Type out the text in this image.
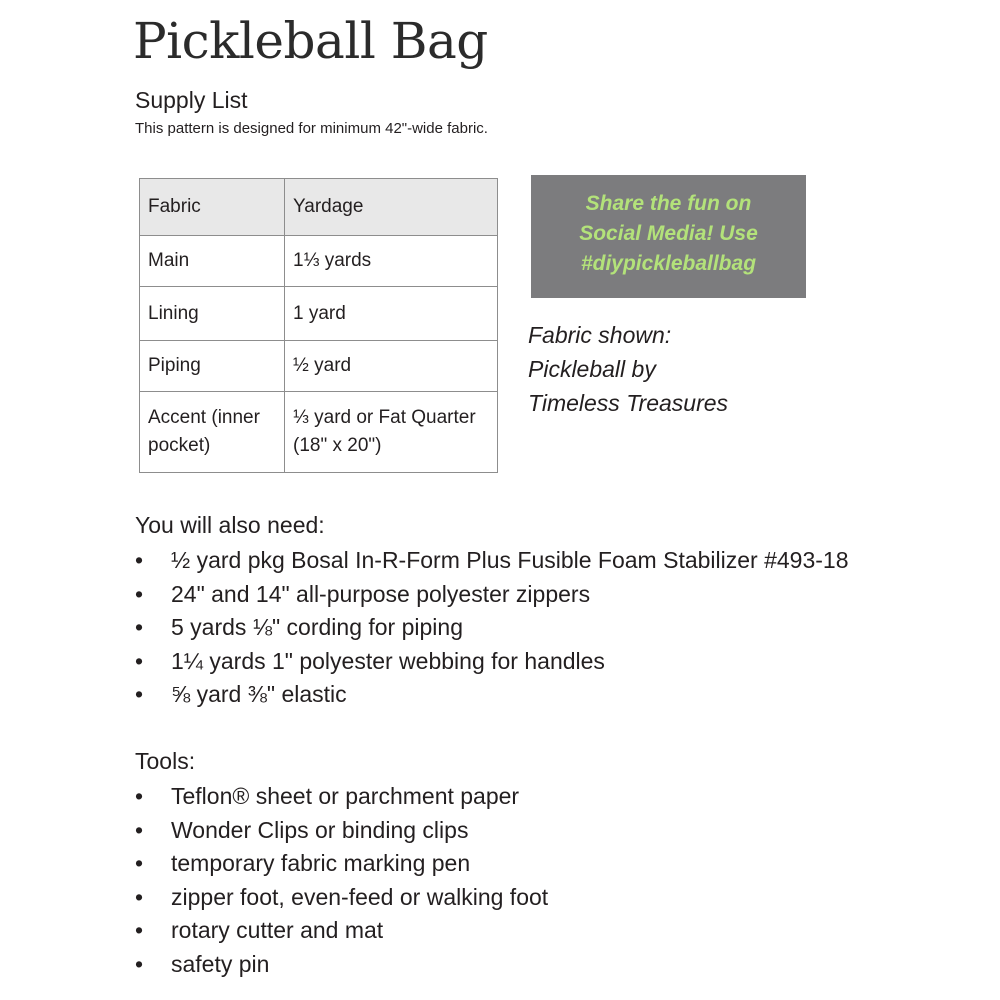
Pickleball Bag

Supply List

This pattern is designed for minimum 42"-wide fabric.

Fabric	Yardage
Main	1⅓ yards
Lining	1 yard
Piping	½ yard
Accent (inner pocket)	⅓ yard or Fat Quarter (18" x 20")
Share the fun on
Social Media! Use
#diypickleballbag
Fabric shown:
Pickleball by
Timeless Treasures

You will also need:

• ½ yard pkg Bosal In-R-Form Plus Fusible Foam Stabilizer #493-18
• 24" and 14" all-purpose polyester zippers
• 5 yards ⅛" cording for piping
• 1¼ yards 1" polyester webbing for handles
• ⅝ yard ⅜" elastic

Tools:

• Teflon® sheet or parchment paper
• Wonder Clips or binding clips
• temporary fabric marking pen
• zipper foot, even-feed or walking foot
• rotary cutter and mat
• safety pin
